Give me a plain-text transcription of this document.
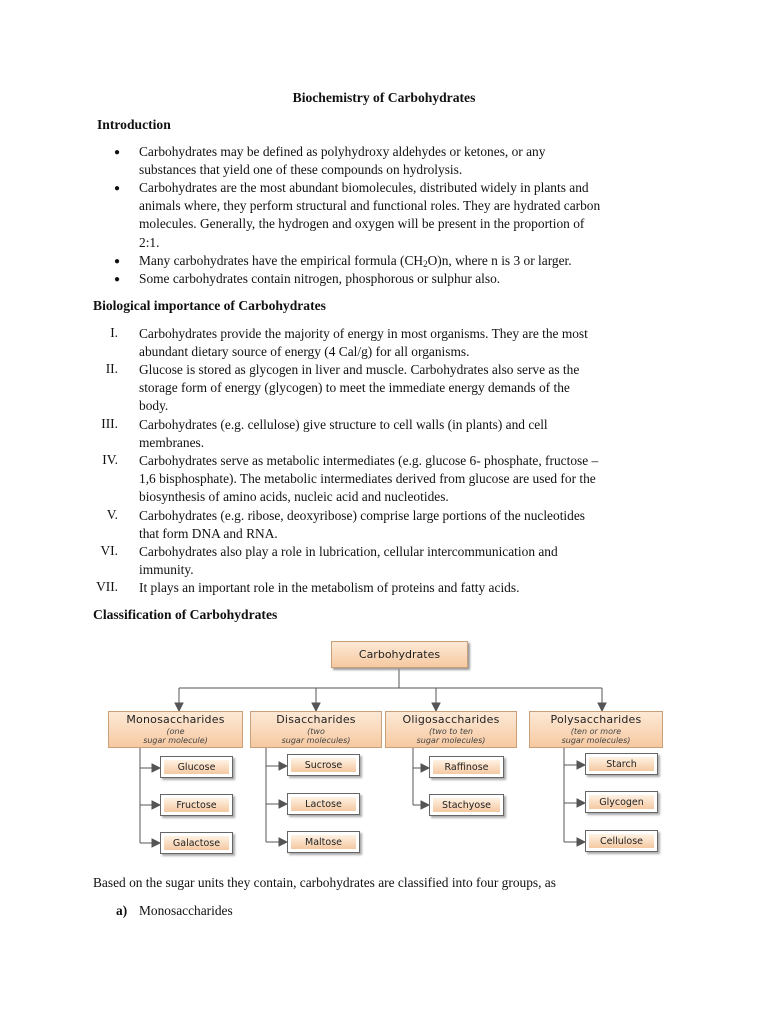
Biochemistry of Carbohydrates
Introduction
● Carbohydrates may be defined as polyhydroxy aldehydes or ketones, or any
substances that yield one of these compounds on hydrolysis.
● Carbohydrates are the most abundant biomolecules, distributed widely in plants and
animals where, they perform structural and functional roles. They are hydrated carbon
molecules. Generally, the hydrogen and oxygen will be present in the proportion of
2:1.
● Many carbohydrates have the empirical formula $(CH_2O)n$, where n is 3 or larger.
● Some carbohydrates contain nitrogen, phosphorous or sulphur also.
Biological importance of Carbohydrates
I. Carbohydrates provide the majority of energy in most organisms. They are the most
abundant dietary source of energy (4 Cal/g) for all organisms.
II. Glucose is stored as glycogen in liver and muscle. Carbohydrates also serve as the
storage form of energy (glycogen) to meet the immediate energy demands of the
body.
III. Carbohydrates (e.g. cellulose) give structure to cell walls (in plants) and cell
membranes.
IV. Carbohydrates serve as metabolic intermediates (e.g. glucose 6- phosphate, fructose –
1,6 bisphosphate). The metabolic intermediates derived from glucose are used for the
biosynthesis of amino acids, nucleic acid and nucleotides.
V. Carbohydrates (e.g. ribose, deoxyribose) comprise large portions of the nucleotides
that form DNA and RNA.
VI. Carbohydrates also play a role in lubrication, cellular intercommunication and
immunity.
VII. It plays an important role in the metabolism of proteins and fatty acids.
Classification of Carbohydrates
Carbohydrates
Monosaccharides
(one
sugar molecule)
Disaccharides
(two
sugar molecules)
Oligosaccharides
(two to ten
sugar molecules)
Polysaccharides
(ten or more
sugar molecules)
Glucose
Fructose
Galactose
Sucrose
Lactose
Maltose
Raffinose
Stachyose
Starch
Glycogen
Cellulose
Based on the sugar units they contain, carbohydrates are classified into four groups, as
a) Monosaccharides
